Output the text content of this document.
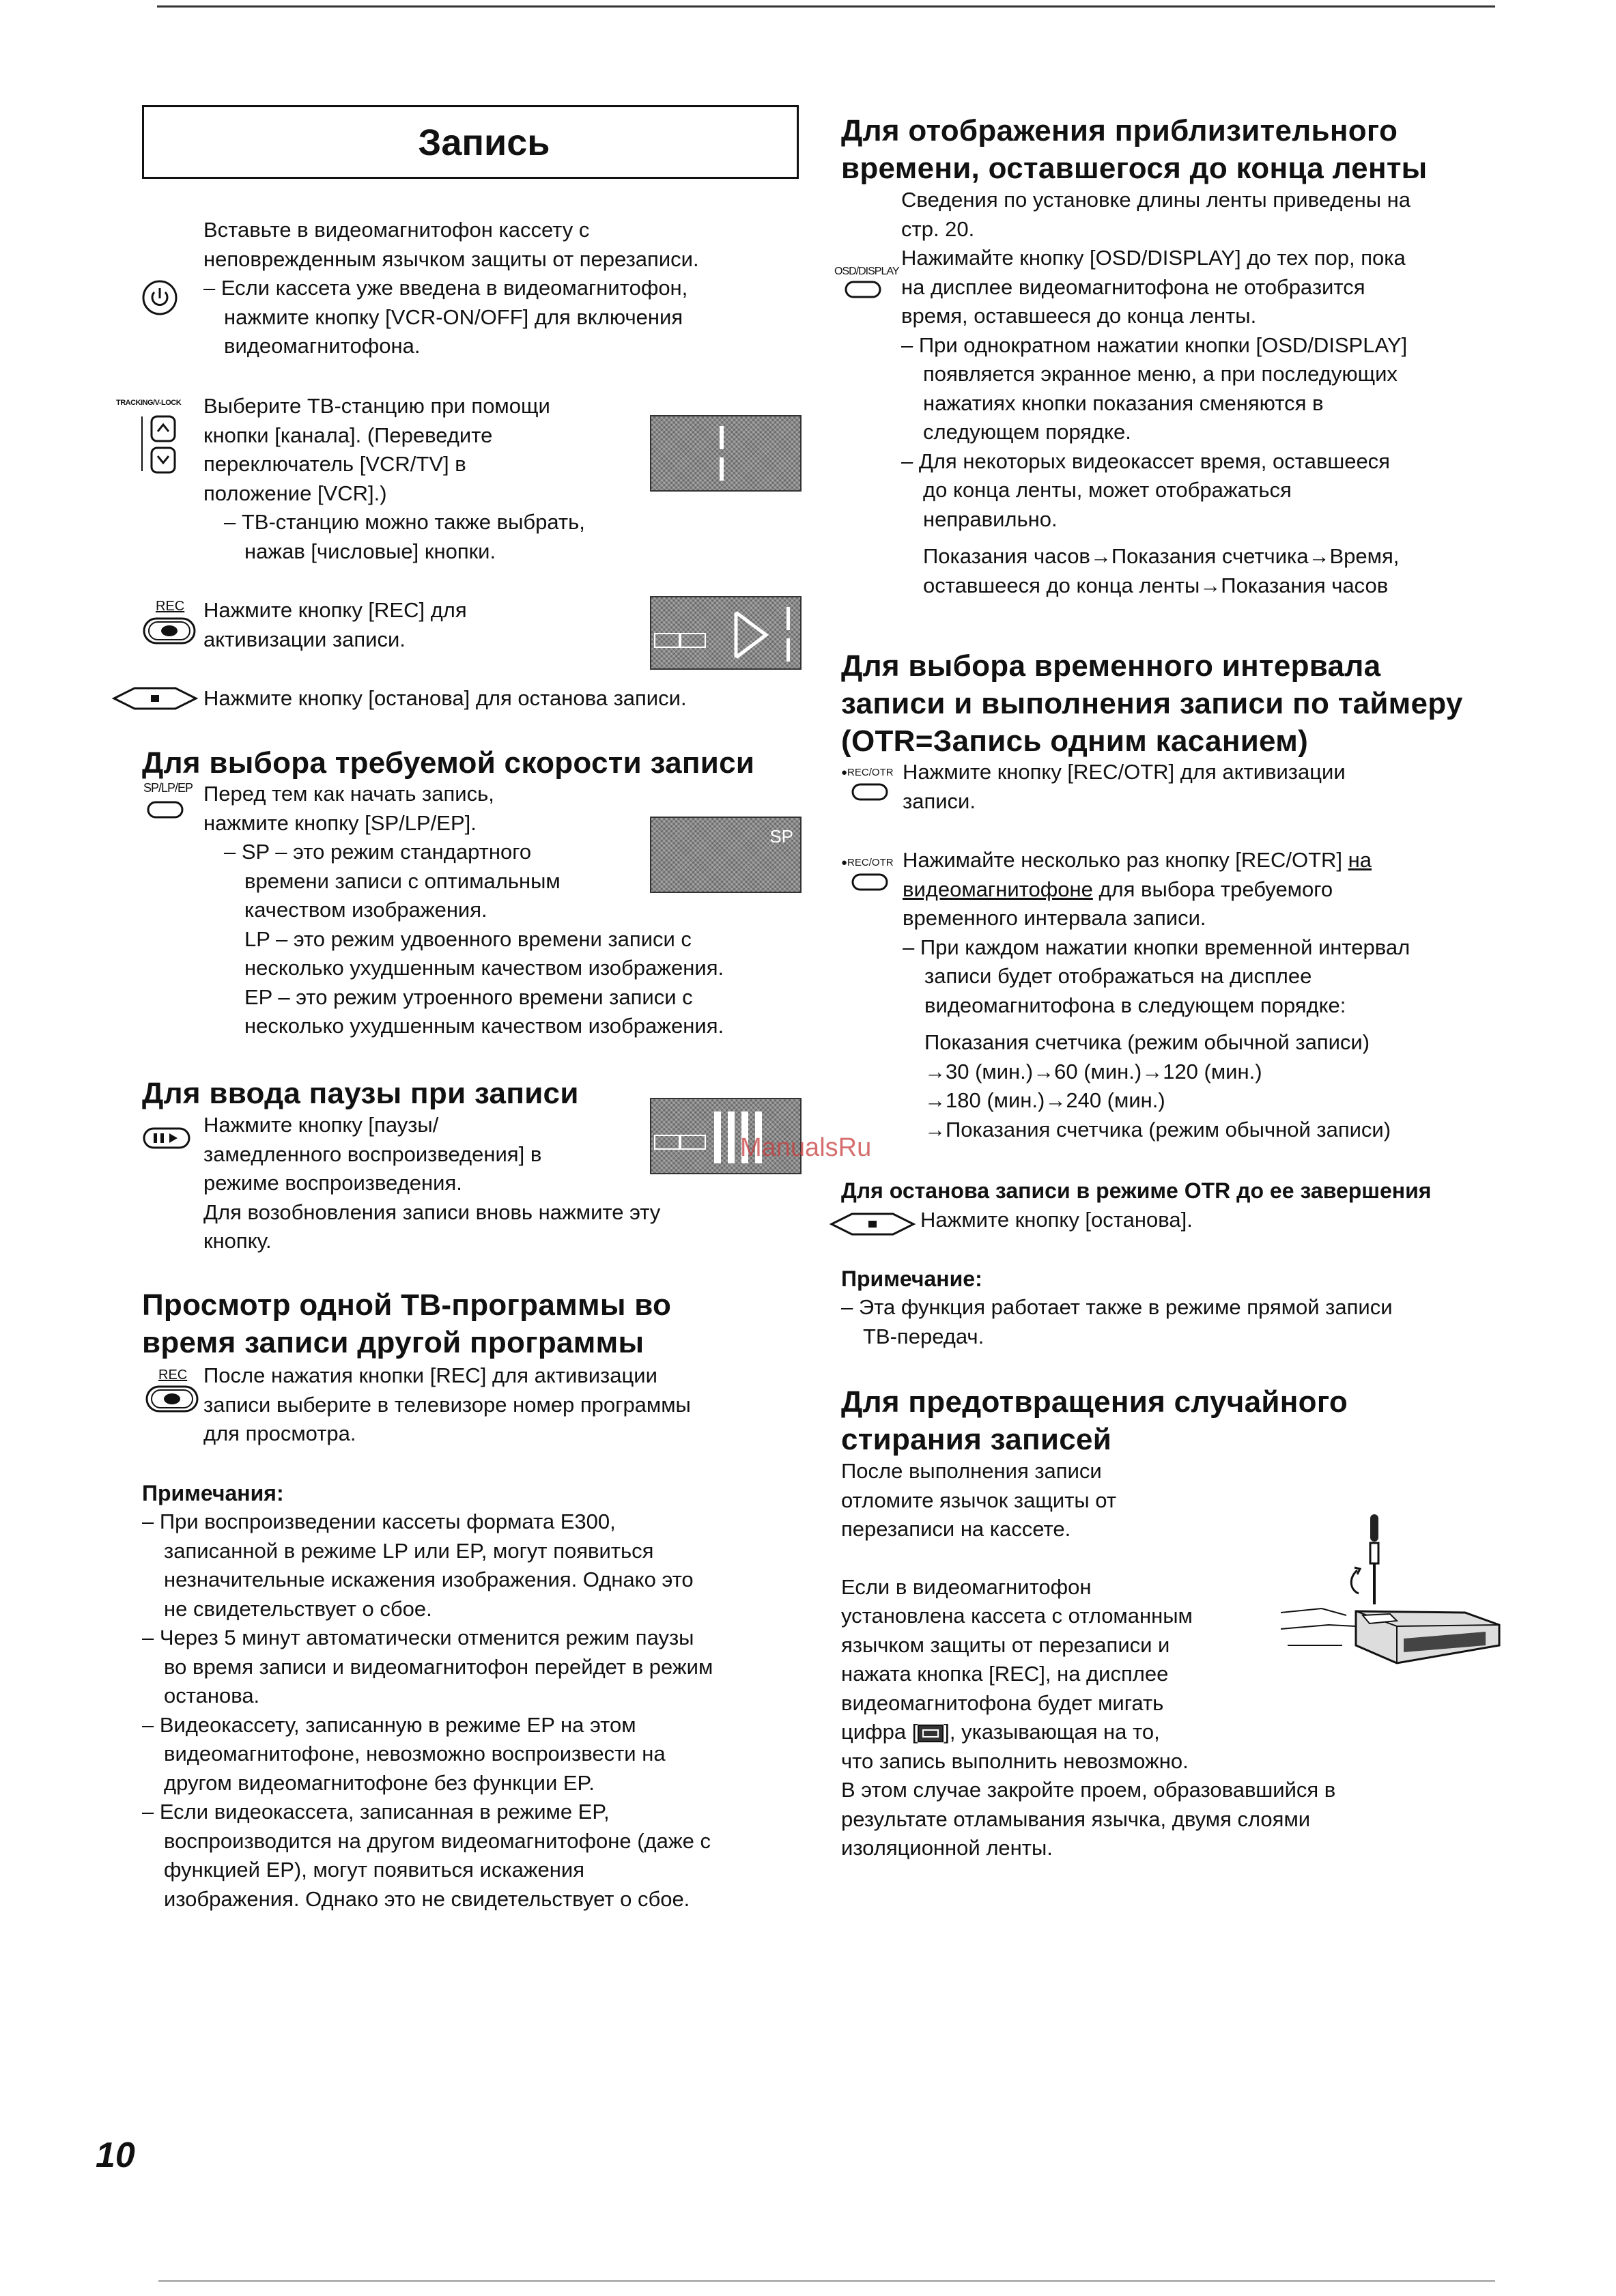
Запись

Вставьте в видеомагнитофон кассету с

неповрежденным язычком защиты от перезаписи.

– Если кассета уже введена в видеомагнитофон,

нажмите кнопку [VCR-ON/OFF] для включения

видеомагнитофона.

TRACKING/V-LOCK	Выберите ТВ-станцию при помощи

кнопки [канала]. (Переведите

переключатель [VCR/TV] в

положение [VCR].)

– ТВ-станцию можно также выбрать,

нажав [числовые] кнопки.

REC Нажмите кнопку [REC] для

активизации записи.

Нажмите кнопку [останова] для останова записи.

Для выбора требуемой скорости записи
SP/LP/EP Перед тем как начать запись,

нажмите кнопку [SP/LP/EP].

– SP – это режим стандартного

времени записи с оптимальным

качеством изображения.

LP – это режим удвоенного времени записи с

несколько ухудшенным качеством изображения.

EP – это режим утроенного времени записи с

несколько ухудшенным качеством изображения.

SP
Для ввода паузы при записи

Нажмите кнопку [паузы/

замедленного воспроизведения] в

режиме воспроизведения.

Для возобновления записи вновь нажмите эту

кнопку.

ManualsRu
Просмотр одной ТВ-программы во
время записи другой программы
REC После нажатия кнопки [REC] для активизации

записи выберите в телевизоре номер программы

для просмотра.

Примечания:

– При воспроизведении кассеты формата E300,

записанной в режиме LP или EP, могут появиться

незначительные искажения изображения. Однако это

не свидетельствует о сбое.

– Через 5 минут автоматически отменится режим паузы

во время записи и видеомагнитофон перейдет в режим

останова.

– Видеокассету, записанную в режиме EP на этом

видеомагнитофоне, невозможно воспроизвести на

другом видеомагнитофоне без функции EP.

– Если видеокассета, записанная в режиме EP,

воспроизводится на другом видеомагнитофоне (даже с

функцией EP), могут появиться искажения

изображения. Однако это не свидетельствует о сбое.

Для отображения приблизительного
времени, оставшегося до конца ленты

Сведения по установке длины ленты приведены на

стр. 20.

Нажимайте кнопку [OSD/DISPLAY] до тех пор, пока

на дисплее видеомагнитофона не отобразится

время, оставшееся до конца ленты.

– При однократном нажатии кнопки [OSD/DISPLAY]

появляется экранное меню, а при последующих

нажатиях кнопки показания сменяются в

следующем порядке.

– Для некоторых видеокассет время, оставшееся

до конца ленты, может отображаться

неправильно.

Показания часов→Показания счетчика→Время,

оставшееся до конца ленты→Показания часов

OSD/DISPLAY
Для выбора временного интервала
записи и выполнения записи по таймеру
(OTR=Запись одним касанием)
●REC/OTR Нажмите кнопку [REC/OTR] для активизации

записи.

●REC/OTR Нажимайте несколько раз кнопку [REC/OTR] на

видеомагнитофоне для выбора требуемого

временного интервала записи.

– При каждом нажатии кнопки временной интервал

записи будет отображаться на дисплее

видеомагнитофона в следующем порядке:

Показания счетчика (режим обычной записи)

→30 (мин.)→60 (мин.)→120 (мин.)

→180 (мин.)→240 (мин.)

→Показания счетчика (режим обычной записи)

Для останова записи в режиме OTR до ее завершения

Нажмите кнопку [останова].

Примечание:

– Эта функция работает также в режиме прямой записи

ТВ-передач.

Для предотвращения случайного
стирания записей

После выполнения записи

отломите язычок защиты от

перезаписи на кассете.

Если в видеомагнитофон

установлена кассета с отломанным

язычком защиты от перезаписи и

нажата кнопка [REC], на дисплее

видеомагнитофона будет мигать

цифра [ ], указывающая на то,

что запись выполнить невозможно.

В этом случае закройте проем, образовавшийся в

результате отламывания язычка, двумя слоями

изоляционной ленты.

10
